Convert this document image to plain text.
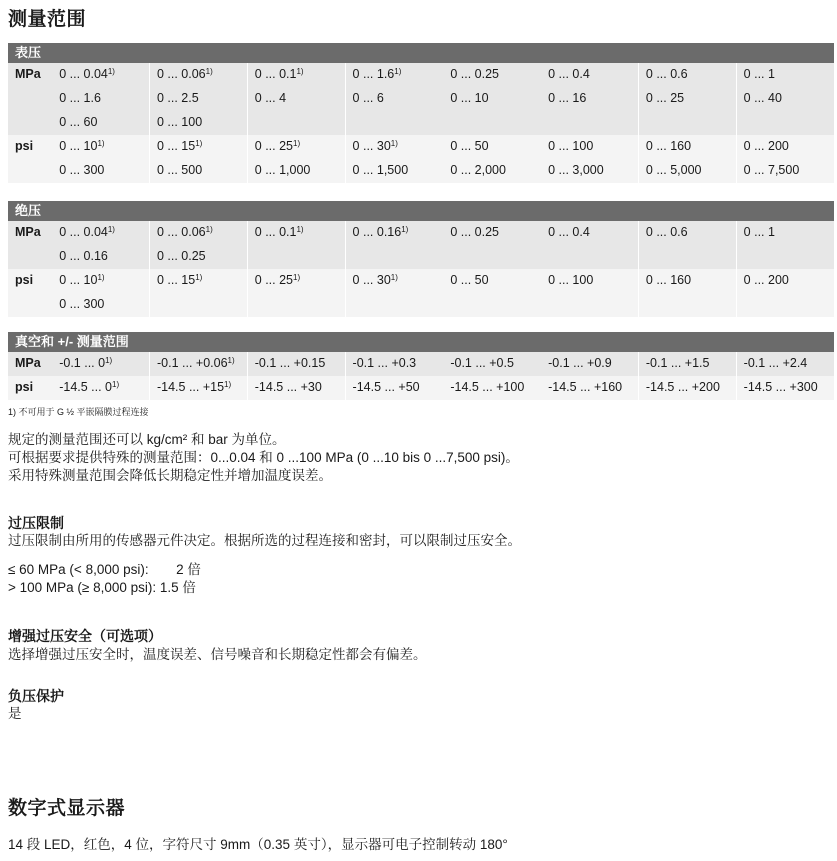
测量范围
表压
MPa	0 ... 0.04$^{1)}$	0 ... 0.06$^{1)}$	0 ... 0.1$^{1)}$	0 ... 1.6$^{1)}$	0 ... 0.25	0 ... 0.4	0 ... 0.6	0 ... 1
0 ... 1.6	0 ... 2.5	0 ... 4	0 ... 6	0 ... 10	0 ... 16	0 ... 25	0 ... 40
0 ... 60	0 ... 100
psi	0 ... 10$^{1)}$	0 ... 15$^{1)}$	0 ... 25$^{1)}$	0 ... 30$^{1)}$	0 ... 50	0 ... 100	0 ... 160	0 ... 200
0 ... 300	0 ... 500	0 ... 1,000	0 ... 1,500	0 ... 2,000	0 ... 3,000	0 ... 5,000	0 ... 7,500
绝压
MPa	0 ... 0.04$^{1)}$	0 ... 0.06$^{1)}$	0 ... 0.1$^{1)}$	0 ... 0.16$^{1)}$	0 ... 0.25	0 ... 0.4	0 ... 0.6	0 ... 1
0 ... 0.16	0 ... 0.25
psi	0 ... 10$^{1)}$	0 ... 15$^{1)}$	0 ... 25$^{1)}$	0 ... 30$^{1)}$	0 ... 50	0 ... 100	0 ... 160	0 ... 200
0 ... 300
真空和 +/- 测量范围
MPa	-0.1 ... 0$^{1)}$	-0.1 ... $+0.06^{1)}$	-0.1 ... +0.15	-0.1 ... +0.3	-0.1 ... +0.5	-0.1 ... +0.9	-0.1 ... +1.5	-0.1 ... +2.4
psi	-14.5 ... 0$^{1)}$	-14.5 ... $+15^{1)}$	-14.5 ... +30	-14.5 ... +50	-14.5 ... +100	-14.5 ... +160	-14.5 ... +200	-14.5 ... +300
1) 不可用于 G ½ 平嵌隔膜过程连接
规定的测量范围还可以 kg/cm² 和 bar 为单位。
可根据要求提供特殊的测量范围：0...0.04 和 0 ...100 MPa (0 ...10 bis 0 ...7,500 psi)。
采用特殊测量范围会降低长期稳定性并增加温度误差。
过压限制
过压限制由所用的传感器元件决定。根据所选的过程连接和密封，可以限制过压安全。
≤ 60 MPa (< 8,000 psi): 2 倍
> 100 MPa (≥ 8,000 psi): 1.5 倍
增强过压安全（可选项）
选择增强过压安全时，温度误差、信号噪音和长期稳定性都会有偏差。
负压保护
是
数字式显示器
14 段 LED，红色，4 位，字符尺寸 9mm（0.35 英寸），显示器可电子控制转动 180°
